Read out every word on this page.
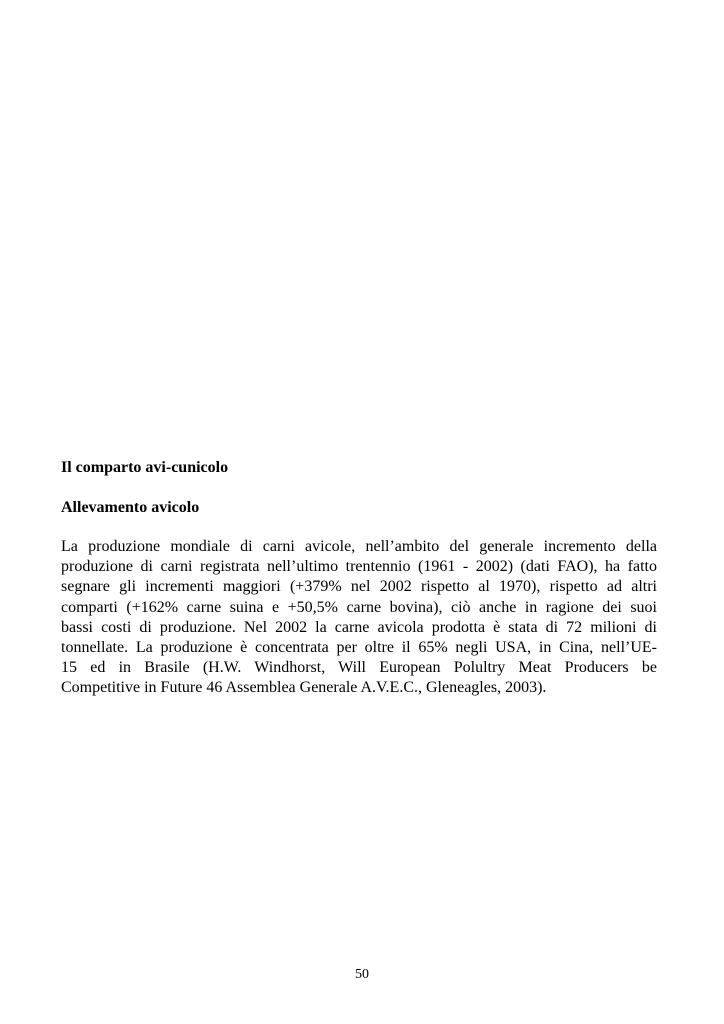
Il comparto avi-cunicolo
Allevamento avicolo

La produzione mondiale di carni avicole, nell’ambito del generale incremento della
produzione di carni registrata nell’ultimo trentennio (1961 - 2002) (dati FAO), ha fatto
segnare gli incrementi maggiori (+379% nel 2002 rispetto al 1970), rispetto ad altri
comparti (+162% carne suina e +50,5% carne bovina), ciò anche in ragione dei suoi
bassi costi di produzione. Nel 2002 la carne avicola prodotta è stata di 72 milioni di
tonnellate. La produzione è concentrata per oltre il 65% negli USA, in Cina, nell’UE-
15 ed in Brasile (H.W. Windhorst, Will European Polultry Meat Producers be
Competitive in Future 46 Assemblea Generale A.V.E.C., Gleneagles, 2003).

50
